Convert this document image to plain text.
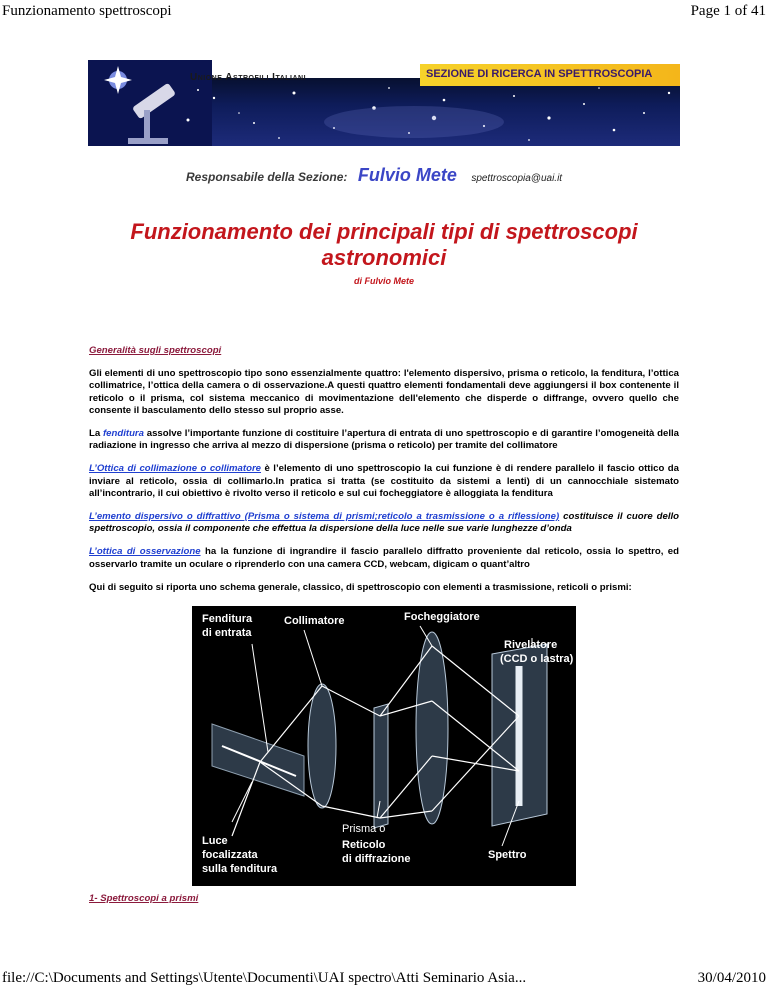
Funzionamento spettroscopi	Page 1 of 41
Unione Astrofili Italiani	SEZIONE DI RICERCA IN SPETTROSCOPIA
Responsabile della Sezione: Fulvio Mete spettroscopia@uai.it
Funzionamento dei principali tipi di spettroscopi astronomici
di Fulvio Mete

Generalità sugli spettroscopi

Gli elementi di uno spettroscopio tipo sono essenzialmente quattro: l'elemento dispersivo, prisma o reticolo, la fenditura, l’ottica collimatrice, l’ottica della camera o di osservazione.A questi quattro elementi fondamentali deve aggiungersi il box contenente il reticolo o il prisma, col sistema meccanico di movimentazione dell'elemento che disperde o diffrange, ovvero quello che consente il basculamento dello stesso sul proprio asse.

La fenditura assolve l’importante funzione di costituire l’apertura di entrata di uno spettroscopio e di garantire l’omogeneità della radiazione in ingresso che arriva al mezzo di dispersione (prisma o reticolo) per tramite del collimatore

L’Ottica di collimazione o collimatore è l’elemento di uno spettroscopio la cui funzione è di rendere parallelo il fascio ottico da inviare al reticolo, ossia di collimarlo.In pratica si tratta (se costituito da sistemi a lenti) di un cannocchiale sistemato all’incontrario, il cui obiettivo è rivolto verso il reticolo e sul cui focheggiatore è alloggiata la fenditura

L’emento dispersivo o diffrattivo (Prisma o sistema di prismi;reticolo a trasmissione o a riflessione) costituisce il cuore dello spettroscopio, ossia il componente che effettua la dispersione della luce nelle sue varie lunghezze d’onda

L’ottica di osservazione ha la funzione di ingrandire il fascio parallelo diffratto proveniente dal reticolo, ossia lo spettro, ed osservarlo tramite un oculare o riprenderlo con una camera CCD, webcam, digicam o quant’altro

Qui di seguito si riporta uno schema generale, classico, di spettroscopio con elementi a trasmissione, reticoli o prismi:

Fenditura
di entrata
Collimatore	Focheggiatore
Rivelatore
(CCD o lastra)
Luce
focalizzata
sulla fenditura
Prisma o
Reticolo
di diffrazione	Spettro
1- Spettroscopi a prismi
file://C:\Documents and Settings\Utente\Documenti\UAI spectro\Atti Seminario Asia...	30/04/2010
